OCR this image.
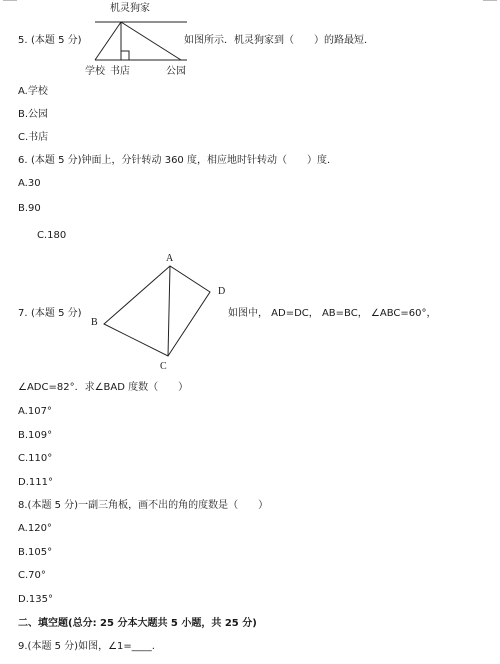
5. (本题 5 分)
机灵狗家
学校 书店	公园
如图所示．机灵狗家到（　　）的路最短．
A.学校
B.公园
C.书店
6. (本题 5 分)钟面上，分针转动 360 度，相应地时针转动（　　）度．
A.30
B.90
C.180
A
B
C
D
7. (本题 5 分)	如图中， AD=DC， AB=BC， ∠ABC=60°，
∠ADC=82°．求∠BAD 度数（　　）
A.107°
B.109°
C.110°
D.111°
8.(本题 5 分)一副三角板，画不出的角的度数是（　　）
A.120°
B.105°
C.70°
D.135°
二、填空题(总分: 25 分本大题共 5 小题，共 25 分)
9.(本题 5 分)如图，∠1=____.
